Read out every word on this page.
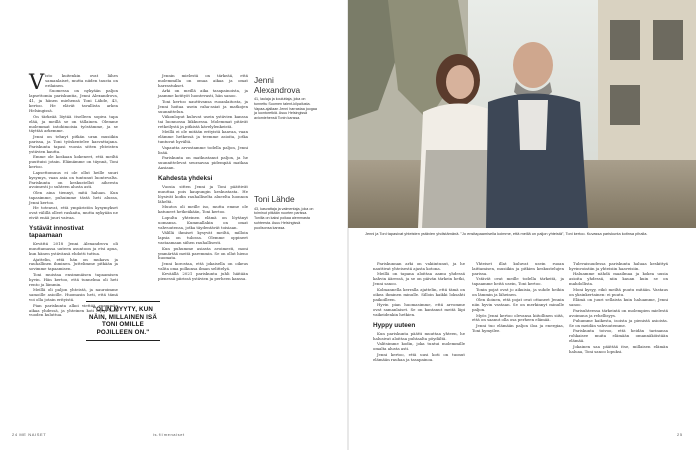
Visto kuitenkin ovat lähes samanlaiset, mutta niiden tausta on erilainen.

Suomessa on nykyään paljon lapsettomia pariskuntia, Jenni Alexandrova, 41, ja hänen miehensä Toni Lähde, 43, kertoo. He elävät tavallista arkea Helsingissä.

On tärkeää löytää itselleen sopiva tapa elää, ja meillä se on tällainen. Olemme molemmat intohimoisia työstämme, ja se täyttää arkemme.

Jenni on tehnyt pitkän uran musiikin parissa, ja Toni työskentelee kasvattajana. Pariskunta tapasi vuosia sitten yhteisten ystävien kautta.

Emme ole koskaan kokeneet, että meiltä puuttuisi jotain. Elämämme on täynnä, Toni kertoo.

Lapsettomuus ei ole ollut heille suuri kysymys, vaan asia on tuntunut luontevalta. Pariskunta on keskustellut aiheesta avoimesti jo suhteen alusta asti.

Olen aina tiennyt, mitä haluan. Kun tapasimme, puhuimme tästä heti alussa, Jenni kertoo.

He toteavat, että ympäristön kysymykset ovat välillä olleet raskaita, mutta nykyään ne eivät enää juuri vaivaa.

Ystävät innostivat tapaamaan

Kevättä 2018 Jenni Alexandrova oli muuttamassa uuteen asuntoon ja etsi apua, kun hänen ystävänsä ehdotti tuttua.

Ajattelin, että hän on mukava ja rauhallinen ihminen. Juttelimme pitkään ja sovimme tapaamisen.

Toni muistaa ensimmäisen tapaamisen hyvin. Hän kertoo, että tunnelma oli heti rento ja lämmin.

Meillä oli paljon yhteistä, ja nauroimme samoille asioille. Huomasin heti, että tämä voi olla jotain erityistä.

Pian pariskunta alkoi viettää enemmän aikaa yhdessä, ja yhteinen koti löytyi noin vuoden kuluttua.

Jennin mielestä on tärkeää, että molemmilla on omaa aikaa ja omat harrastukset.

Arki on meillä aika tasapainoista, ja jaamme kotityöt luontevasti, hän sanoo.

Toni kertoo nauttivansa ruoanlaitosta, ja Jenni hoitaa usein raha-asiat ja matkojen suunnittelun.

Viikonloput kuluvat usein ystävien kanssa tai luonnossa liikkuessa. Molemmat pitävät retkeilystä ja pitkistä kävelylenkeistä.

Meillä ei ole mitään erityistä kaavaa, vaan elämme hetkessä ja teemme asioita, jotka tuntuvat hyvältä.

Vapautta arvostamme todella paljon, Jenni lisää.

Pariskunta on matkustanut paljon, ja he suunnittelevat seuraavaa pidempää matkaa Aasiaan.

Kahdesta yhdeksi

Vuosia sitten Jenni ja Toni päättivät muuttaa pois kaupungin keskustasta. He löysivät kodin rauhalliselta alueelta luonnon läheltä.

Muutos oli meille iso, mutta emme ole katuneet hetkeäkään, Toni kertoo.

Lopulta yhteinen elämä on löytänyt uomansa. Kummallakin on omat vahvuutensa, jotka täydentävät toisiaan.

Välillä ihmiset kysyvät meiltä, milloin lapsia on tulossa. Olemme oppineet vastaamaan siihen rauhallisesti.

Kun puhumme asiasta avoimesti, moni ymmärtää meitä paremmin. Se on ollut hieno huomata.

Jenni korostaa, että jokaisella on oikeus valita oma polkunsa ilman selittelyä.

Keväällä 2021 pariskunta juhli häitään pienessä piirissä ystävien ja perheen kanssa.

"OLIN MYYTY, KUN NÄIN, MILLAINEN ISÄ TONI OMILLE POJILLEEN ON."
Jenni Alexandrova
41, laulaja ja kouluttaja, joka on tunnettu Suomen talent-kilpailusta. Vapaa-ajallaan Jenni harrastaa joogaa ja luontoretkiä. Asuu Helsingissä aviomiehensä Tonin kanssa.
Toni Lähde
43, kasvattaja ja valmentaja, joka on toiminut pitkään nuorten parissa. Tonilla on kaksi poikaa aiemmasta suhteesta. Asuu Helsingissä puolisonsa kanssa.
24 ME NAISET	is.fi/menaiset
Jenni ja Toni tapasivat yhteisten ystävien yhdistämänä. "Jo ensitapaamisella koimme, että meillä on paljon yhteistä", Toni kertoo. Kuvassa pariskunta kotinsa pihalla.

Pariskunnan arki on vakiintunut, ja he nauttivat yhteisestä ajasta kotona.

Meillä on tapana aloittaa aamu yhdessä kahvin ääressä, ja se on päivän tärkein hetki, Jenni sanoo.

Kolmannella kerralla ajattelin, että tämä on oikea ihminen minulle. Silloin kaikki loksahti paikoilleen.

Hyvin pian huomasimme, että arvomme ovat samanlaiset. Se on kantanut meitä läpi vaikeidenkin hetkien.

Hyppy uuteen

Kun pariskunta päätti muuttaa yhteen, he halusivat aloittaa puhtaalta pöydältä.

Valitsimme kodin, joka tuntui molemmille omalta alusta asti.

Jenni kertoo, että uusi koti on tuonut elämään rauhaa ja tasapainoa.

Yhteiset illat kuluvat usein ruoan laittamisen, musiikin ja pitkien keskustelujen parissa.

Ystävät ovat meille todella tärkeitä, ja tapaamme heitä usein, Toni kertoo.

Tonin pojat ovat jo aikuisia, ja suhde heihin on lämmin ja läheinen.

Olen iloinen, että pojat ovat ottaneet Jennin niin hyvin vastaan. Se on merkinnyt minulle paljon.

Myös Jenni kertoo olevansa kiitollinen siitä, että on saanut olla osa perheen elämää.

Jenni tuo elämään paljon iloa ja energiaa, Toni hymyilee.

Tulevaisuudessa pariskunta haluaa keskittyä hyvinvointiin ja yhteisiin haaveisiin.

Haluamme nähdä maailmaa ja kokea uusia asioita yhdessä, niin kauan kuin se on mahdollista.

Moni kysyy, eikö meiltä puutu mitään. Vastaus on yksinkertainen: ei puutu.

Elämä on juuri sellaista kuin haluamme, Jenni sanoo.

Parisuhteessa tärkeintä on molempien mielestä avoimuus ja rehellisyys.

Puhumme kaikesta, isoista ja pienistä asioista. Se on meidän vahvuutemme.

Pariskunta toivoo, että heidän tarinansa rohkaisee muita elämään omannäköistään elämää.

Jokainen saa päättää itse, millaisen elämän haluaa, Toni sanoo lopuksi.

25
